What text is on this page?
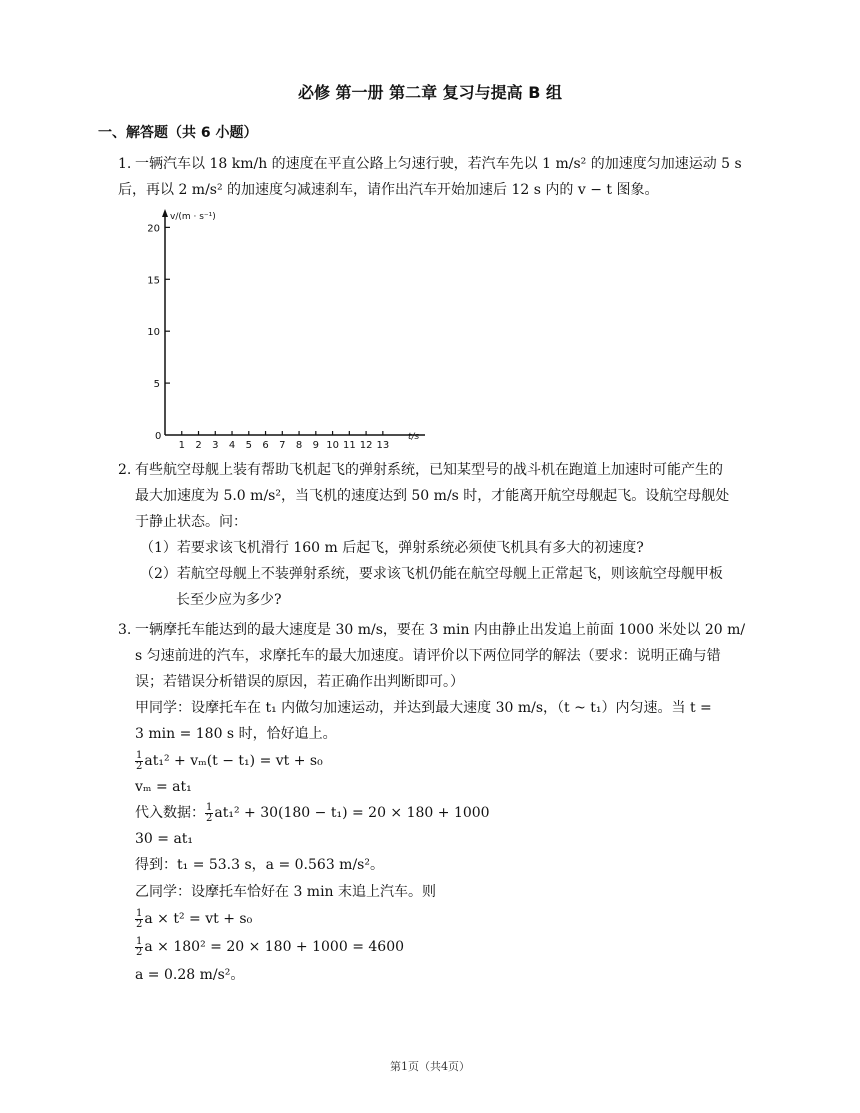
必修 第一册 第二章 复习与提高 B 组
一、解答题（共 6 小题）
1. 一辆汽车以 18 km/h 的速度在平直公路上匀速行驶，若汽车先以 1 m/s² 的加速度匀加速运动 5 s
后，再以 2 m/s² 的加速度匀减速刹车，请作出汽车开始加速后 12 s 内的 v − t 图象。
v/(m · s⁻¹)
t/s
0
20
15
10
5
1 2 3 4 5 6 7 8 9 10 11 12 13
2. 有些航空母舰上装有帮助飞机起飞的弹射系统，已知某型号的战斗机在跑道上加速时可能产生的
最大加速度为 5.0 m/s²，当飞机的速度达到 50 m/s 时，才能离开航空母舰起飞。设航空母舰处
于静止状态。问：
（1）若要求该飞机滑行 160 m 后起飞，弹射系统必须使飞机具有多大的初速度?
（2）若航空母舰上不装弹射系统，要求该飞机仍能在航空母舰上正常起飞，则该航空母舰甲板
长至少应为多少?
3. 一辆摩托车能达到的最大速度是 30 m/s，要在 3 min 内由静止出发追上前面 1000 米处以 20 m/
s 匀速前进的汽车，求摩托车的最大加速度。请评价以下两位同学的解法（要求：说明正确与错
误；若错误分析错误的原因，若正确作出判断即可。）
甲同学：设摩托车在 t₁ 内做匀加速运动，并达到最大速度 30 m/s，（t ~ t₁）内匀速。当 t =
3 min = 180 s 时，恰好追上。
$\frac{1}{2} at_1^2 + v_m(t - t_1)$ = vt + s₀
vₘ = at₁
代入数据： $\frac{1}{2} at_1^2 + 30(180 - t_1) = 20 \times 180 + 1000$
30 = at₁
得到：t₁ = 53.3 s，a = 0.563 m/s²。
乙同学：设摩托车恰好在 3 min 末追上汽车。则
$\frac{1}{2}$ a × t² = vt + s₀
$\frac{1}{2}$ a × 180² = 20 × 180 + 1000 = 4600
a = 0.28 m/s²。
第1页（共4页）
